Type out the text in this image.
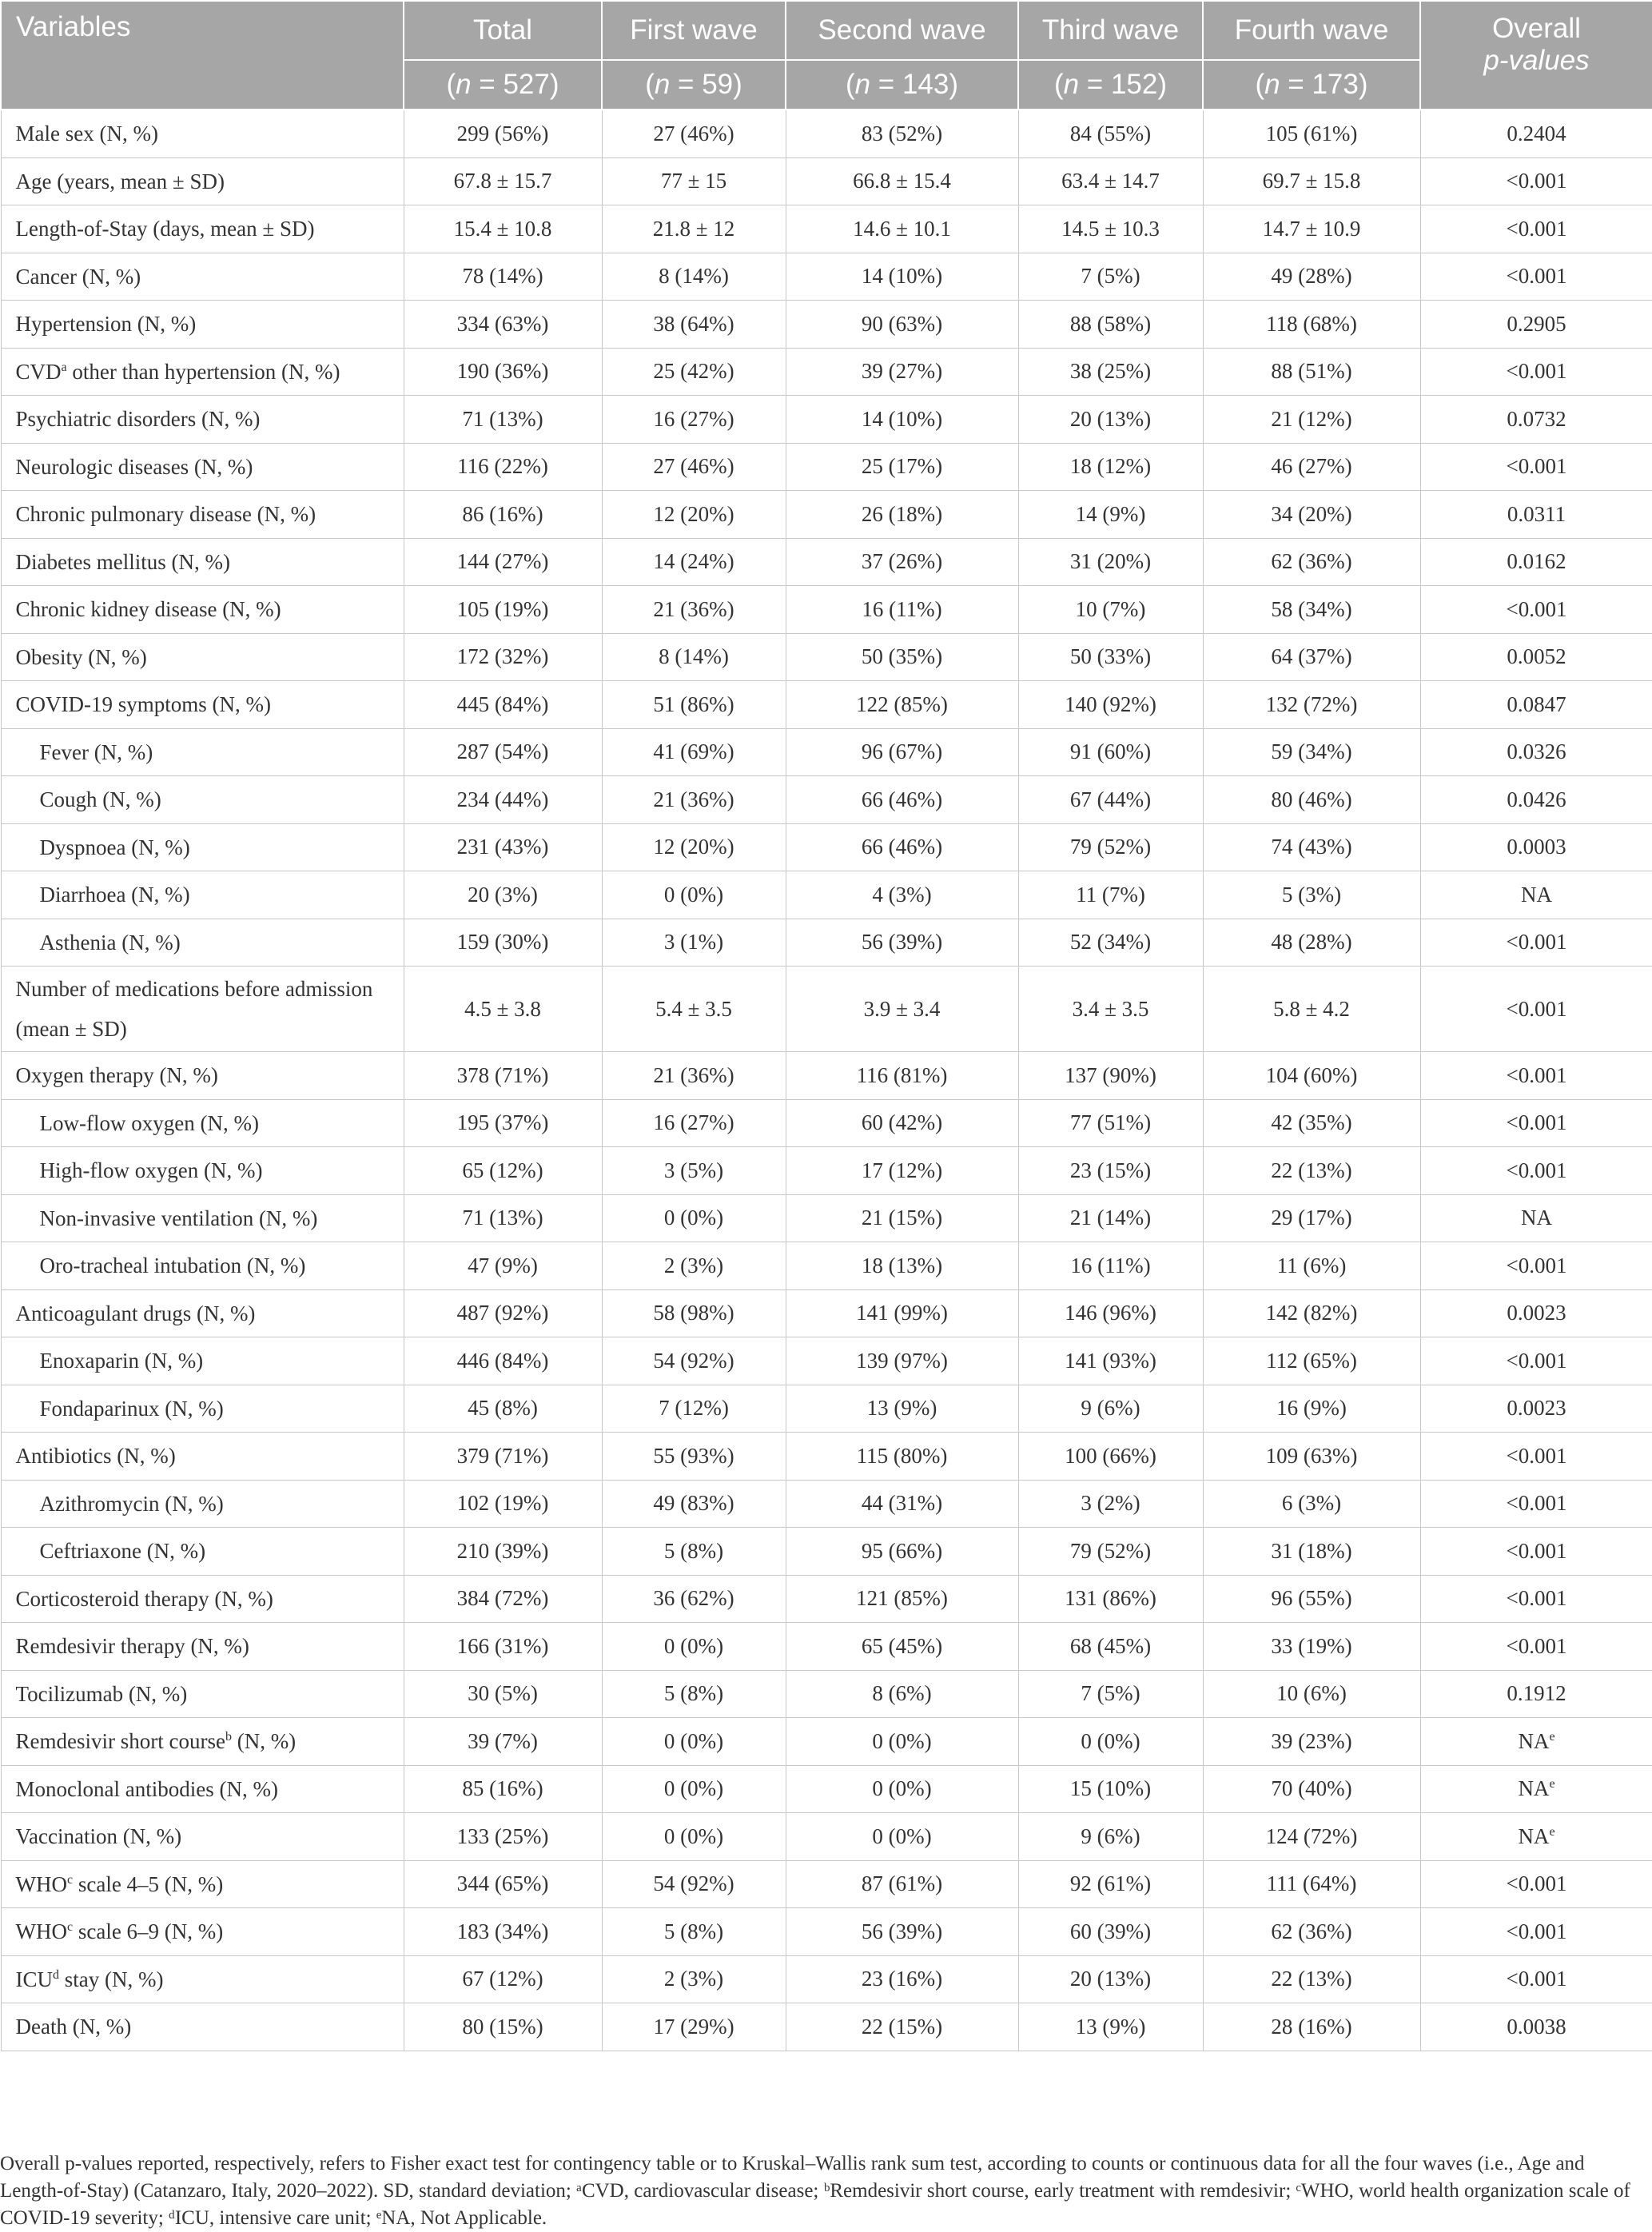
Variables	Total	First wave	Second wave	Third wave	Fourth wave	Overall
p-values
	(n = 527)	(n = 59)	(n = 143)	(n = 152)	(n = 173)	
Male sex (N, %)	299 (56%)	27 (46%)	83 (52%)	84 (55%)	105 (61%)	0.2404
Age (years, mean ± SD)	67.8 ± 15.7	77 ± 15	66.8 ± 15.4	63.4 ± 14.7	69.7 ± 15.8	<0.001
Length-of-Stay (days, mean ± SD)	15.4 ± 10.8	21.8 ± 12	14.6 ± 10.1	14.5 ± 10.3	14.7 ± 10.9	<0.001
Cancer (N, %)	78 (14%)	8 (14%)	14 (10%)	7 (5%)	49 (28%)	<0.001
Hypertension (N, %)	334 (63%)	38 (64%)	90 (63%)	88 (58%)	118 (68%)	0.2905
CVD$^a$ other than hypertension (N, %)	190 (36%)	25 (42%)	39 (27%)	38 (25%)	88 (51%)	<0.001
Psychiatric disorders (N, %)	71 (13%)	16 (27%)	14 (10%)	20 (13%)	21 (12%)	0.0732
Neurologic diseases (N, %)	116 (22%)	27 (46%)	25 (17%)	18 (12%)	46 (27%)	<0.001
Chronic pulmonary disease (N, %)	86 (16%)	12 (20%)	26 (18%)	14 (9%)	34 (20%)	0.0311
Diabetes mellitus (N, %)	144 (27%)	14 (24%)	37 (26%)	31 (20%)	62 (36%)	0.0162
Chronic kidney disease (N, %)	105 (19%)	21 (36%)	16 (11%)	10 (7%)	58 (34%)	<0.001
Obesity (N, %)	172 (32%)	8 (14%)	50 (35%)	50 (33%)	64 (37%)	0.0052
COVID-19 symptoms (N, %)	445 (84%)	51 (86%)	122 (85%)	140 (92%)	132 (72%)	0.0847
Fever (N, %)	287 (54%)	41 (69%)	96 (67%)	91 (60%)	59 (34%)	0.0326
Cough (N, %)	234 (44%)	21 (36%)	66 (46%)	67 (44%)	80 (46%)	0.0426
Dyspnoea (N, %)	231 (43%)	12 (20%)	66 (46%)	79 (52%)	74 (43%)	0.0003
Diarrhoea (N, %)	20 (3%)	0 (0%)	4 (3%)	11 (7%)	5 (3%)	NA
Asthenia (N, %)	159 (30%)	3 (1%)	56 (39%)	52 (34%)	48 (28%)	<0.001
Number of medications before admission (mean ± SD)	4.5 ± 3.8	5.4 ± 3.5	3.9 ± 3.4	3.4 ± 3.5	5.8 ± 4.2	<0.001
Oxygen therapy (N, %)	378 (71%)	21 (36%)	116 (81%)	137 (90%)	104 (60%)	<0.001
Low-flow oxygen (N, %)	195 (37%)	16 (27%)	60 (42%)	77 (51%)	42 (35%)	<0.001
High-flow oxygen (N, %)	65 (12%)	3 (5%)	17 (12%)	23 (15%)	22 (13%)	<0.001
Non-invasive ventilation (N, %)	71 (13%)	0 (0%)	21 (15%)	21 (14%)	29 (17%)	NA
Oro-tracheal intubation (N, %)	47 (9%)	2 (3%)	18 (13%)	16 (11%)	11 (6%)	<0.001
Anticoagulant drugs (N, %)	487 (92%)	58 (98%)	141 (99%)	146 (96%)	142 (82%)	0.0023
Enoxaparin (N, %)	446 (84%)	54 (92%)	139 (97%)	141 (93%)	112 (65%)	<0.001
Fondaparinux (N, %)	45 (8%)	7 (12%)	13 (9%)	9 (6%)	16 (9%)	0.0023
Antibiotics (N, %)	379 (71%)	55 (93%)	115 (80%)	100 (66%)	109 (63%)	<0.001
Azithromycin (N, %)	102 (19%)	49 (83%)	44 (31%)	3 (2%)	6 (3%)	<0.001
Ceftriaxone (N, %)	210 (39%)	5 (8%)	95 (66%)	79 (52%)	31 (18%)	<0.001
Corticosteroid therapy (N, %)	384 (72%)	36 (62%)	121 (85%)	131 (86%)	96 (55%)	<0.001
Remdesivir therapy (N, %)	166 (31%)	0 (0%)	65 (45%)	68 (45%)	33 (19%)	<0.001
Tocilizumab (N, %)	30 (5%)	5 (8%)	8 (6%)	7 (5%)	10 (6%)	0.1912
Remdesivir short course$^b$ (N, %)	39 (7%)	0 (0%)	0 (0%)	0 (0%)	39 (23%)	$NA^e$
Monoclonal antibodies (N, %)	85 (16%)	0 (0%)	0 (0%)	15 (10%)	70 (40%)	$NA^e$
Vaccination (N, %)	133 (25%)	0 (0%)	0 (0%)	9 (6%)	124 (72%)	$NA^e$
WHO$^c$ scale 4–5 (N, %)	344 (65%)	54 (92%)	87 (61%)	92 (61%)	111 (64%)	<0.001
WHO$^c$ scale 6–9 (N, %)	183 (34%)	5 (8%)	56 (39%)	60 (39%)	62 (36%)	<0.001
ICU$^d$ stay (N, %)	67 (12%)	2 (3%)	23 (16%)	20 (13%)	22 (13%)	<0.001
Death (N, %)	80 (15%)	17 (29%)	22 (15%)	13 (9%)	28 (16%)	0.0038
Overall p-values reported, respectively, refers to Fisher exact test for contingency table or to Kruskal–Wallis rank sum test, according to counts or continuous data for all the four waves (i.e., Age and Length-of-Stay) (Catanzaro, Italy, 2020–2022). SD, standard deviation; ᵃCVD, cardiovascular disease; ᵇRemdesivir short course, early treatment with remdesivir; ᶜWHO, world health organization scale of COVID-19 severity; ᵈICU, intensive care unit; ᵉNA, Not Applicable.
